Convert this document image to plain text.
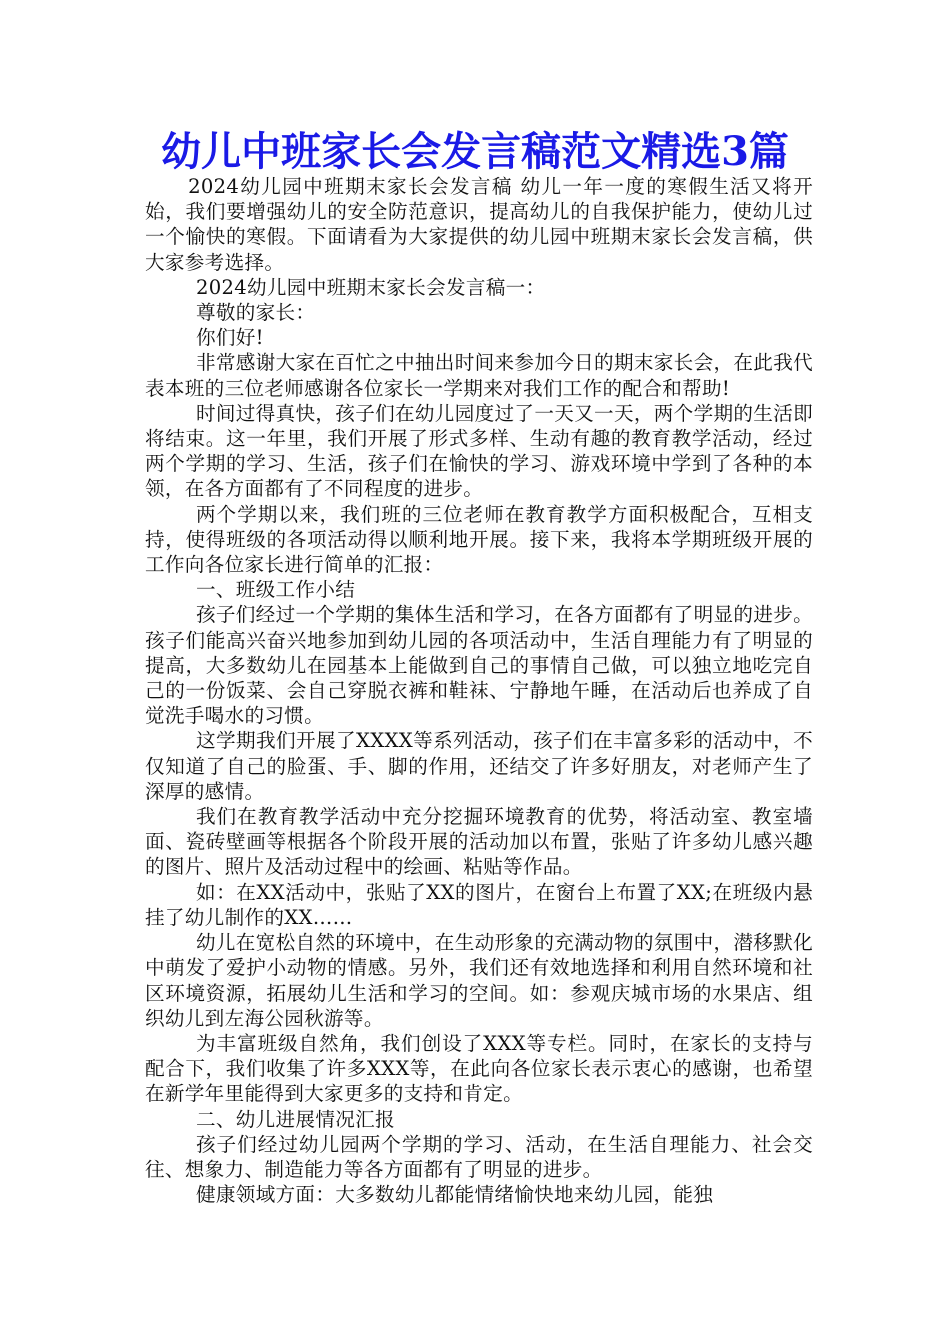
幼儿中班家长会发言稿范文精选3篇

2024幼儿园中班期末家长会发言稿 幼儿一年一度的寒假生活又将开始，我们要增强幼儿的安全防范意识，提高幼儿的自我保护能力，使幼儿过一个愉快的寒假。下面请看为大家提供的幼儿园中班期末家长会发言稿，供大家参考选择。

2024幼儿园中班期末家长会发言稿一：

尊敬的家长：

你们好!

非常感谢大家在百忙之中抽出时间来参加今日的期末家长会，在此我代表本班的三位老师感谢各位家长一学期来对我们工作的配合和帮助!

时间过得真快，孩子们在幼儿园度过了一天又一天，两个学期的生活即将结束。这一年里，我们开展了形式多样、生动有趣的教育教学活动，经过两个学期的学习、生活，孩子们在愉快的学习、游戏环境中学到了各种的本领，在各方面都有了不同程度的进步。

两个学期以来，我们班的三位老师在教育教学方面积极配合，互相支持，使得班级的各项活动得以顺利地开展。接下来，我将本学期班级开展的工作向各位家长进行简单的汇报：

一、班级工作小结

孩子们经过一个学期的集体生活和学习，在各方面都有了明显的进步。孩子们能高兴奋兴地参加到幼儿园的各项活动中，生活自理能力有了明显的提高，大多数幼儿在园基本上能做到自己的事情自己做，可以独立地吃完自己的一份饭菜、会自己穿脱衣裤和鞋袜、宁静地午睡，在活动后也养成了自觉洗手喝水的习惯。

这学期我们开展了XXXX等系列活动，孩子们在丰富多彩的活动中，不仅知道了自己的脸蛋、手、脚的作用，还结交了许多好朋友，对老师产生了深厚的感情。

我们在教育教学活动中充分挖掘环境教育的优势，将活动室、教室墙面、瓷砖壁画等根据各个阶段开展的活动加以布置，张贴了许多幼儿感兴趣的图片、照片及活动过程中的绘画、粘贴等作品。

如：在XX活动中，张贴了XX的图片，在窗台上布置了XX;在班级内悬挂了幼儿制作的XX……

幼儿在宽松自然的环境中，在生动形象的充满动物的氛围中，潜移默化中萌发了爱护小动物的情感。另外，我们还有效地选择和利用自然环境和社区环境资源，拓展幼儿生活和学习的空间。如：参观庆城市场的水果店、组织幼儿到左海公园秋游等。

为丰富班级自然角，我们创设了XXX等专栏。同时，在家长的支持与配合下，我们收集了许多XXX等，在此向各位家长表示衷心的感谢，也希望在新学年里能得到大家更多的支持和肯定。

二、幼儿进展情况汇报

孩子们经过幼儿园两个学期的学习、活动，在生活自理能力、社会交往、想象力、制造能力等各方面都有了明显的进步。

健康领域方面：大多数幼儿都能情绪愉快地来幼儿园，能独
